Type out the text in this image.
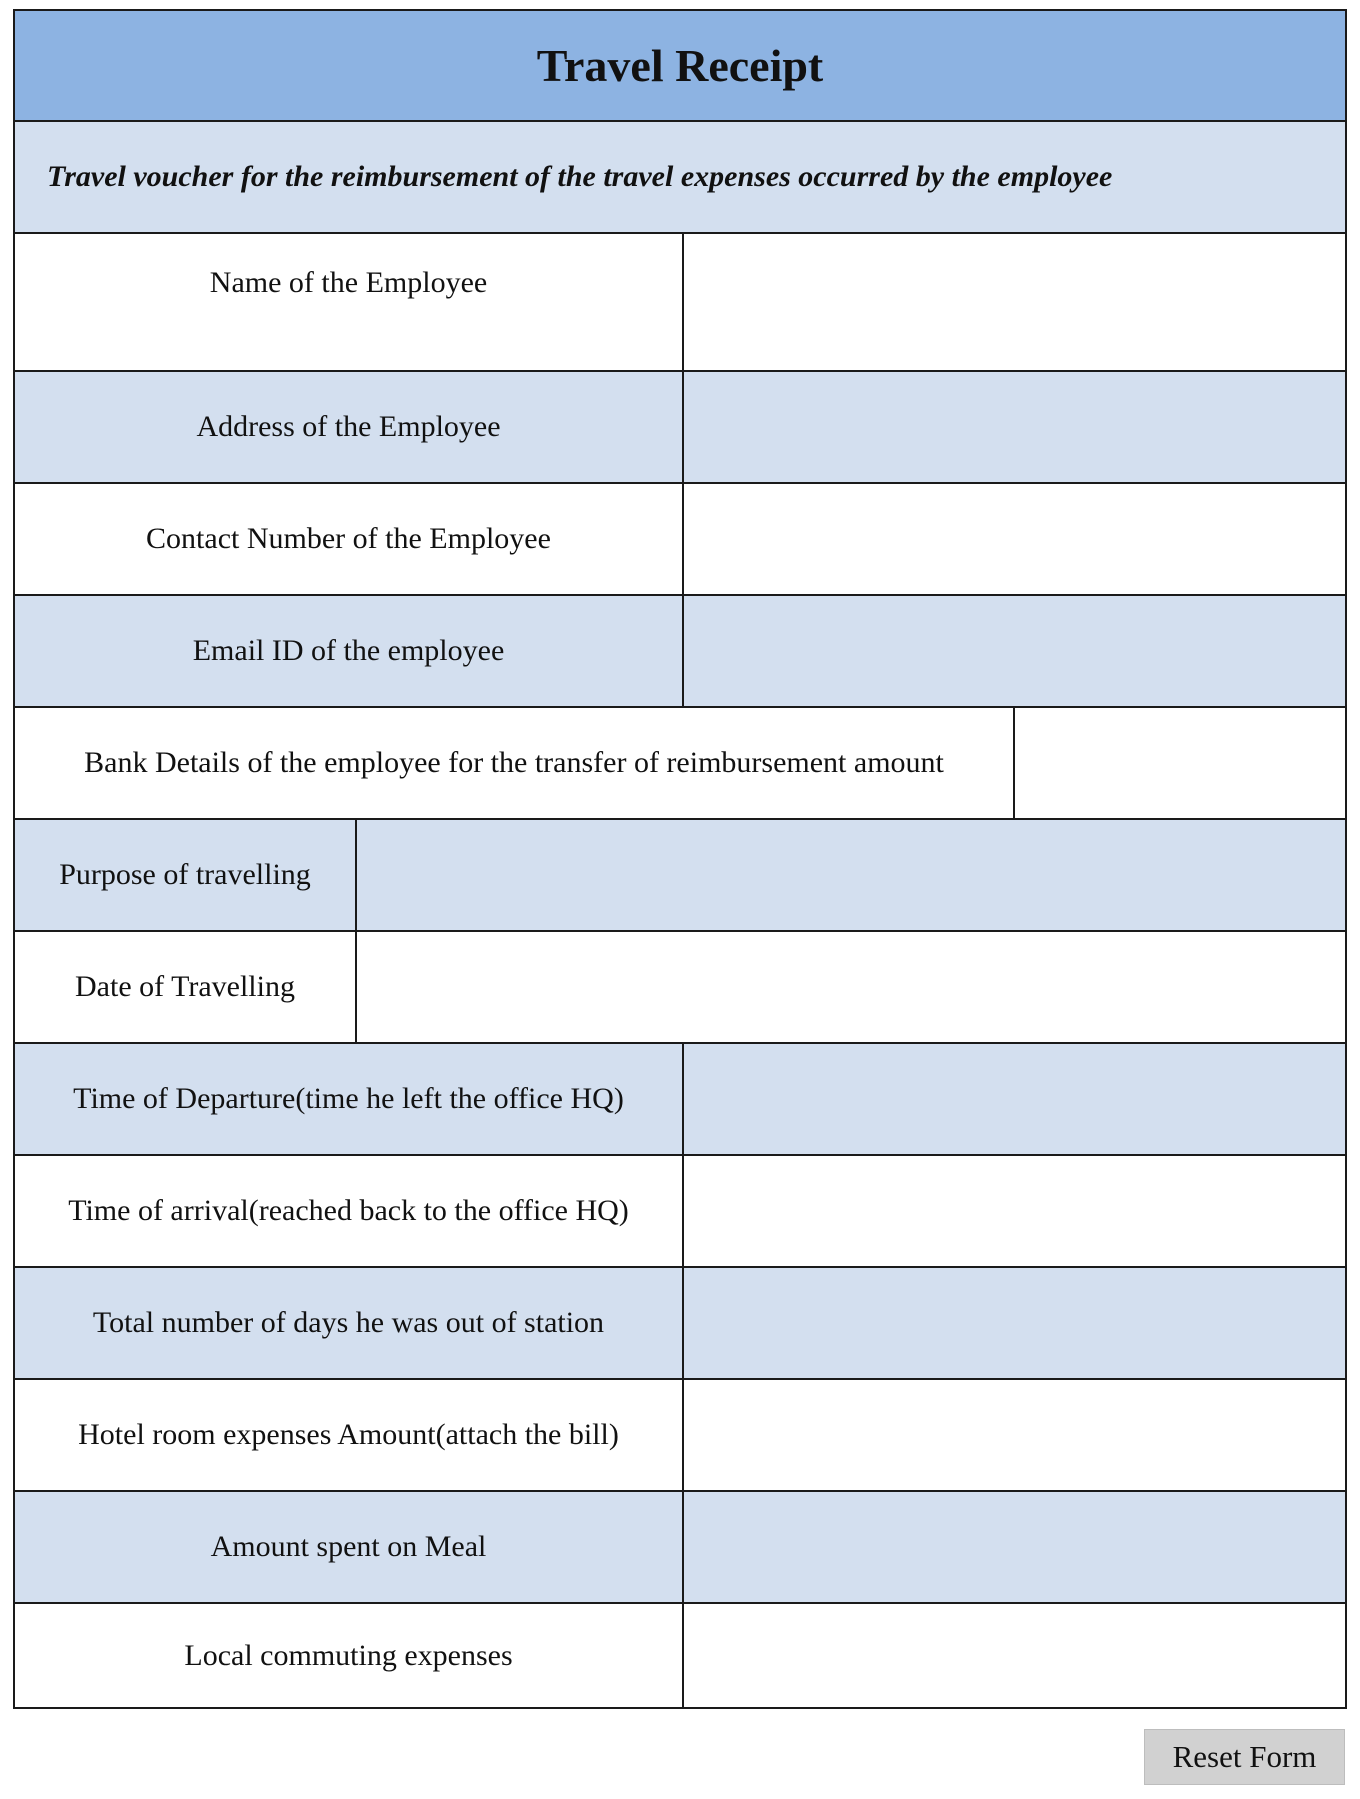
Travel Receipt
Travel voucher for the reimbursement of the travel expenses occurred by the employee
Name of the Employee
Address of the Employee
Contact Number of the Employee
Email ID of the employee
Bank Details of the employee for the transfer of reimbursement amount
Purpose of travelling
Date of Travelling
Time of Departure(time he left the office HQ)
Time of arrival(reached back to the office HQ)
Total number of days he was out of station
Hotel room expenses Amount(attach the bill)
Amount spent on Meal
Local commuting expenses
Reset Form
